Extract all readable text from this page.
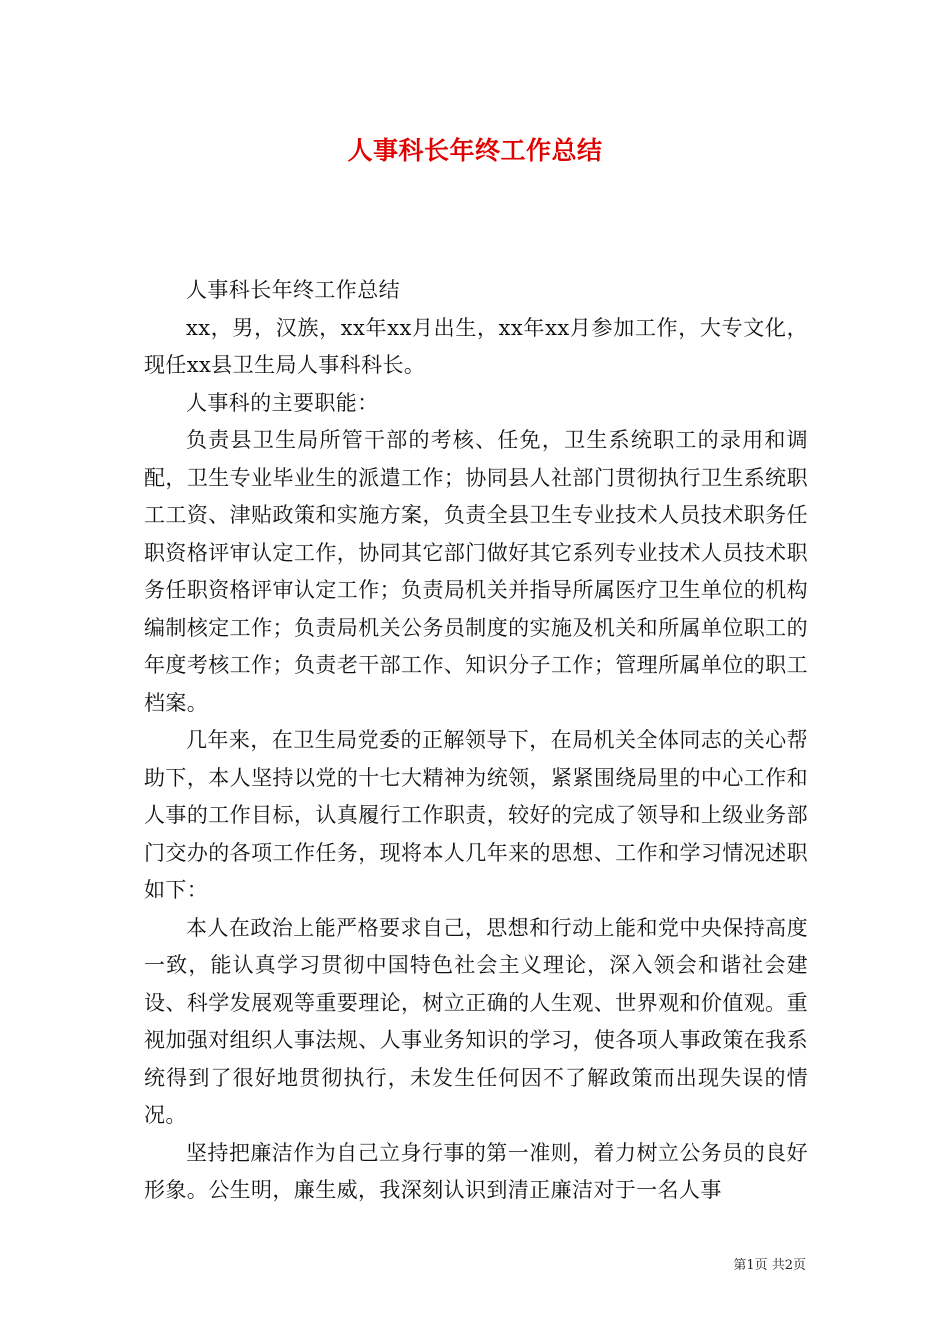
人事科长年终工作总结

人事科长年终工作总结

xx，男，汉族，xx年xx月出生，xx年xx月参加工作，大专文化，现任xx县卫生局人事科科长。

人事科的主要职能：

负责县卫生局所管干部的考核、任免，卫生系统职工的录用和调配，卫生专业毕业生的派遣工作；协同县人社部门贯彻执行卫生系统职工工资、津贴政策和实施方案，负责全县卫生专业技术人员技术职务任职资格评审认定工作，协同其它部门做好其它系列专业技术人员技术职务任职资格评审认定工作；负责局机关并指导所属医疗卫生单位的机构编制核定工作；负责局机关公务员制度的实施及机关和所属单位职工的年度考核工作；负责老干部工作、知识分子工作；管理所属单位的职工档案。

几年来，在卫生局党委的正解领导下，在局机关全体同志的关心帮助下，本人坚持以党的十七大精神为统领，紧紧围绕局里的中心工作和人事的工作目标，认真履行工作职责，较好的完成了领导和上级业务部门交办的各项工作任务，现将本人几年来的思想、工作和学习情况述职如下：

本人在政治上能严格要求自己，思想和行动上能和党中央保持高度一致，能认真学习贯彻中国特色社会主义理论，深入领会和谐社会建设、科学发展观等重要理论，树立正确的人生观、世界观和价值观。重视加强对组织人事法规、人事业务知识的学习，使各项人事政策在我系统得到了很好地贯彻执行，未发生任何因不了解政策而出现失误的情况。

坚持把廉洁作为自己立身行事的第一准则，着力树立公务员的良好形象。公生明，廉生威，我深刻认识到清正廉洁对于一名人事

第1页 共2页
